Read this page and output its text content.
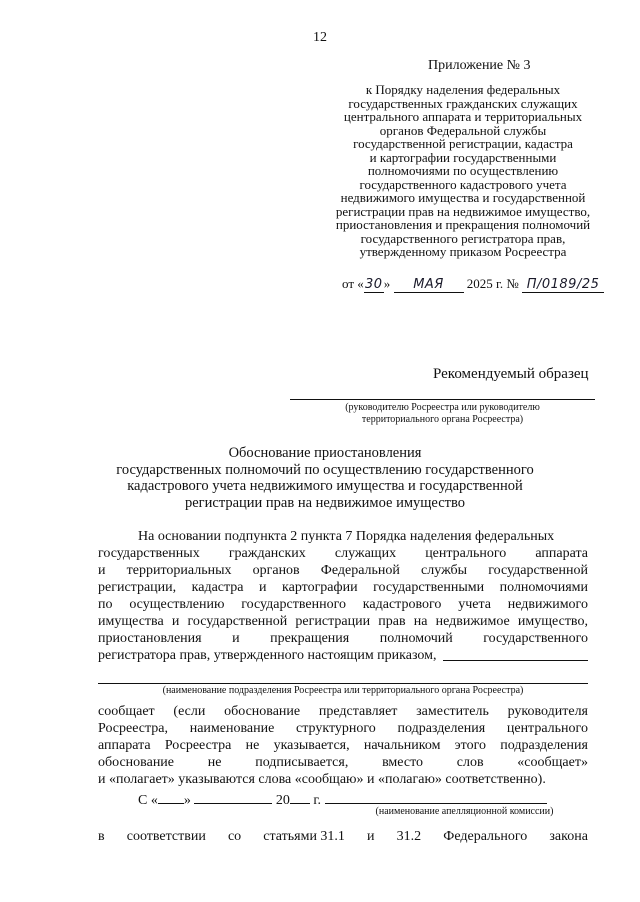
12
Приложение № 3
к Порядку наделения федеральных
государственных гражданских служащих
центрального аппарата и территориальных
органов Федеральной службы
государственной регистрации, кадастра
и картографии государственными
полномочиями по осуществлению
государственного кадастрового учета
недвижимого имущества и государственной
регистрации прав на недвижимое имущество,
приостановления и прекращения полномочий
государственного регистратора прав,
утвержденному приказом Росреестра
от «30» МАЯ 2025 г. № П/0189/25
Рекомендуемый образец
(руководителю Росреестра или руководителю
территориального органа Росреестра)
Обоснование приостановления
государственных полномочий по осуществлению государственного
кадастрового учета недвижимого имущества и государственной
регистрации прав на недвижимое имущество
На основании подпункта 2 пункта 7 Порядка наделения федеральных
государственных гражданских служащих центрального аппарата
и территориальных органов Федеральной службы государственной
регистрации, кадастра и картографии государственными полномочиями
по осуществлению государственного кадастрового учета недвижимого
имущества и государственной регистрации прав на недвижимое имущество,
приостановления и прекращения полномочий государственного
регистратора прав, утвержденного настоящим приказом,
(наименование подразделения Росреестра или территориального органа Росреестра)
сообщает (если обоснование представляет заместитель руководителя
Росреестра, наименование структурного подразделения центрального
аппарата Росреестра не указывается, начальником этого подразделения
обоснование не подписывается, вместо слов «сообщает»
и «полагает» указываются слова «сообщаю» и «полагаю» соответственно).
С « »	20 г.
(наименование апелляционной комиссии)
в соответствии со статьями 31.1 и 31.2 Федерального закона
